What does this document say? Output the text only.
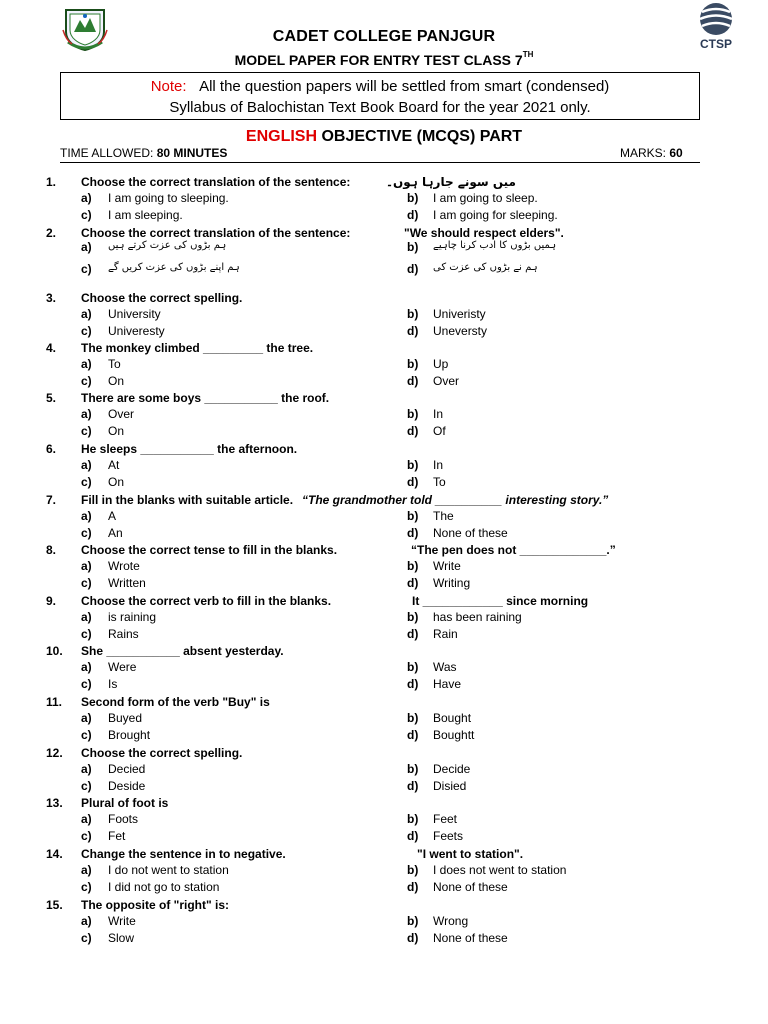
CTSP
CADET COLLEGE PANJGUR
MODEL PAPER FOR ENTRY TEST CLASS 7TH
Note: All the question papers will be settled from smart (condensed)
Syllabus of Balochistan Text Book Board for the year 2021 only.
ENGLISH OBJECTIVE (MCQS) PART
TIME ALLOWED: 80 MINUTES	MARKS: 60
1. Choose the correct translation of the sentence:	میں سونے جارہا ہوں۔
a) I am going to sleeping.	b) I am going to sleep.
c) I am sleeping.	d) I am going for sleeping.
2. Choose the correct translation of the sentence:	"We should respect elders".
a) ہم بڑوں کی عزت کرتے ہیں	b) ہمیں بڑوں کا ادب کرنا چاہیے
c) ہم اپنے بڑوں کی عزت کریں گے	d) ہم نے بڑوں کی عزت کی
3. Choose the correct spelling.
a) University	b) Univeristy
c) Univeresty	d) Uneversty
4. The monkey climbed _________ the tree.
a) To	b) Up
c) On	d) Over
5. There are some boys ___________ the roof.
a) Over	b) In
c) On	d) Of
6. He sleeps ___________ the afternoon.
a) At	b) In
c) On	d) To
7. Fill in the blanks with suitable article. “The grandmother told __________ interesting story.”
a) A	b) The
c) An	d) None of these
8. Choose the correct tense to fill in the blanks.	“The pen does not _____________.”
a) Wrote	b) Write
c) Written	d) Writing
9. Choose the correct verb to fill in the blanks.	It ____________ since morning
a) is raining	b) has been raining
c) Rains	d) Rain
10. She ___________ absent yesterday.
a) Were	b) Was
c) Is	d) Have
11. Second form of the verb "Buy" is
a) Buyed	b) Bought
c) Brought	d) Boughtt
12. Choose the correct spelling.
a) Decied	b) Decide
c) Deside	d) Disied
13. Plural of foot is
a) Foots	b) Feet
c) Fet	d) Feets
14. Change the sentence in to negative.	"I went to station".
a) I do not went to station	b) I does not went to station
c) I did not go to station	d) None of these
15. The opposite of "right" is:
a) Write	b) Wrong
c) Slow	d) None of these
